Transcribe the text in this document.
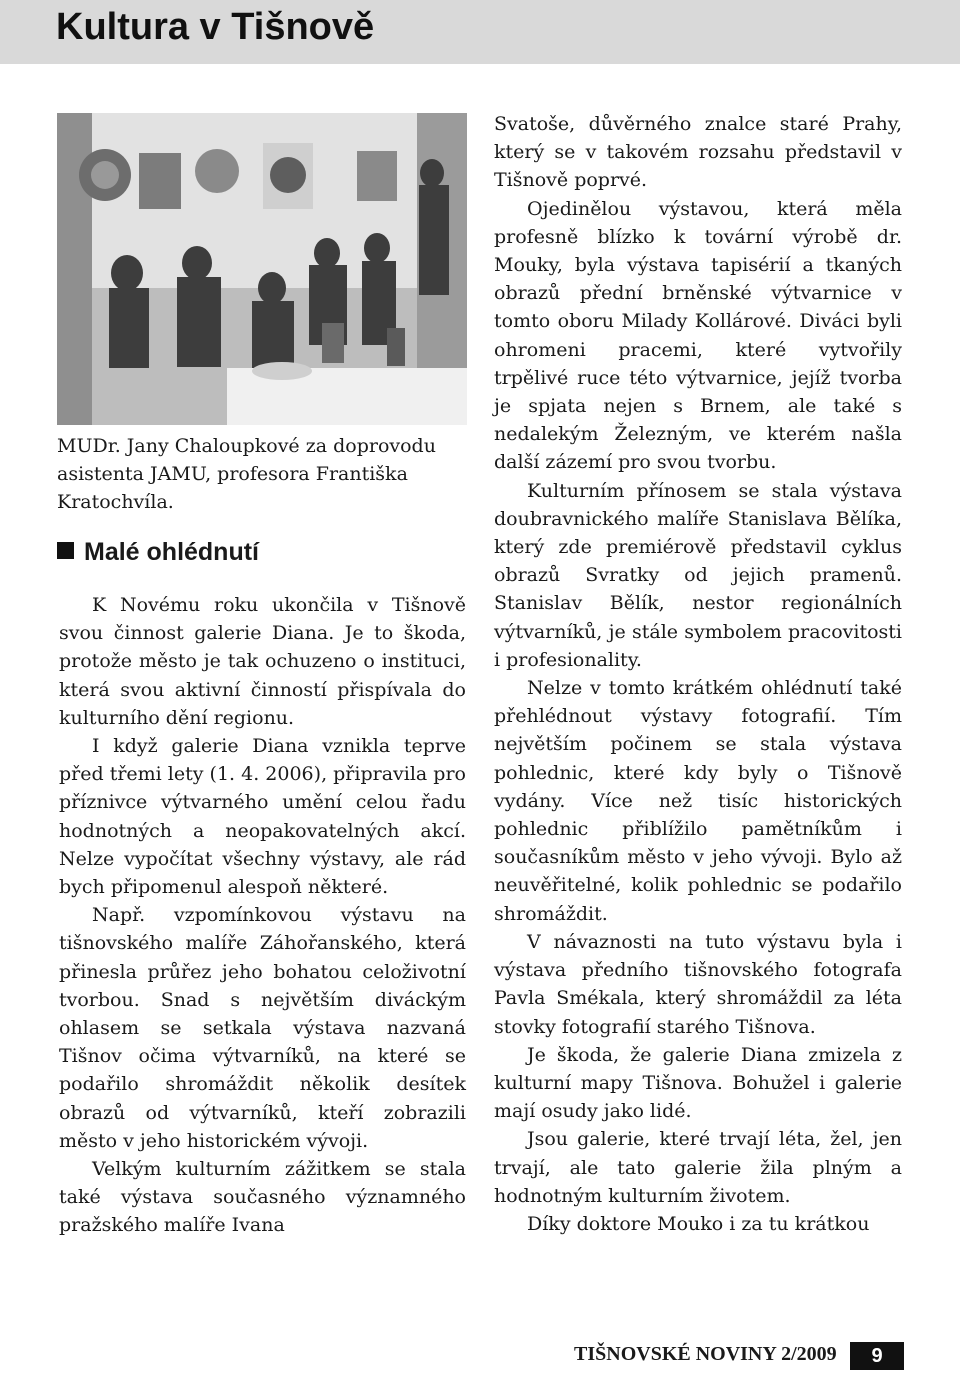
Kultura v Tišnově
MUDr. Jany Chaloupkové za doprovodu asistenta JAMU, profesora Františka Kratochvíla.
Malé ohlédnutí

K Novému roku ukončila v Tišnově svou činnost galerie Diana. Je to škoda, protože město je tak ochuzeno o instituci, která svou aktivní činností přispívala do kulturního dění regionu.

I když galerie Diana vznikla teprve před třemi lety (1. 4. 2006), připravila pro příznivce výtvarného umění celou řadu hodnotných a neopakovatelných akcí. Nelze vypočítat všechny výstavy, ale rád bych připomenul alespoň některé.

Např. vzpomínkovou výstavu na tišnovského malíře Záhořanského, která přinesla průřez jeho bohatou celoživotní tvorbou. Snad s největším diváckým ohlasem se setkala výstava nazvaná Tišnov očima výtvarníků, na které se podařilo shromáždit několik desítek obrazů od výtvarníků, kteří zobrazili město v jeho historickém vývoji.

Velkým kulturním zážitkem se stala také výstava současného významného pražského malíře Ivana

Svatoše, důvěrného znalce staré Prahy, který se v takovém rozsahu představil v Tišnově poprvé.

Ojedinělou výstavou, která měla profesně blízko k tovární výrobě dr. Mouky, byla výstava tapisérií a tkaných obrazů přední brněnské výtvarnice v tomto oboru Milady Kollárové. Diváci byli ohromeni pracemi, které vytvořily trpělivé ruce této výtvarnice, jejíž tvorba je spjata nejen s Brnem, ale také s nedalekým Železným, ve kterém našla další zázemí pro svou tvorbu.

Kulturním přínosem se stala výstava doubravnického malíře Stanislava Bělíka, který zde premiérově představil cyklus obrazů Svratky od jejich pramenů. Stanislav Bělík, nestor regionálních výtvarníků, je stále symbolem pracovitosti i profesionality.

Nelze v tomto krátkém ohlédnutí také přehlédnout výstavy fotografií. Tím největším počinem se stala výstava pohlednic, které kdy byly o Tišnově vydány. Více než tisíc historických pohlednic přiblížilo pamětníkům i současníkům město v jeho vývoji. Bylo až neuvěřitelné, kolik pohlednic se podařilo shromáždit.

V návaznosti na tuto výstavu byla i výstava předního tišnovského fotografa Pavla Smékala, který shromáždil za léta stovky fotografií starého Tišnova.

Je škoda, že galerie Diana zmizela z kulturní mapy Tišnova. Bohužel i galerie mají osudy jako lidé.

Jsou galerie, které trvají léta, žel, jen trvají, ale tato galerie žila plným a hodnotným kulturním životem.

Díky doktore Mouko i za tu krátkou

TIŠNOVSKÉ NOVINY 2/2009	9
